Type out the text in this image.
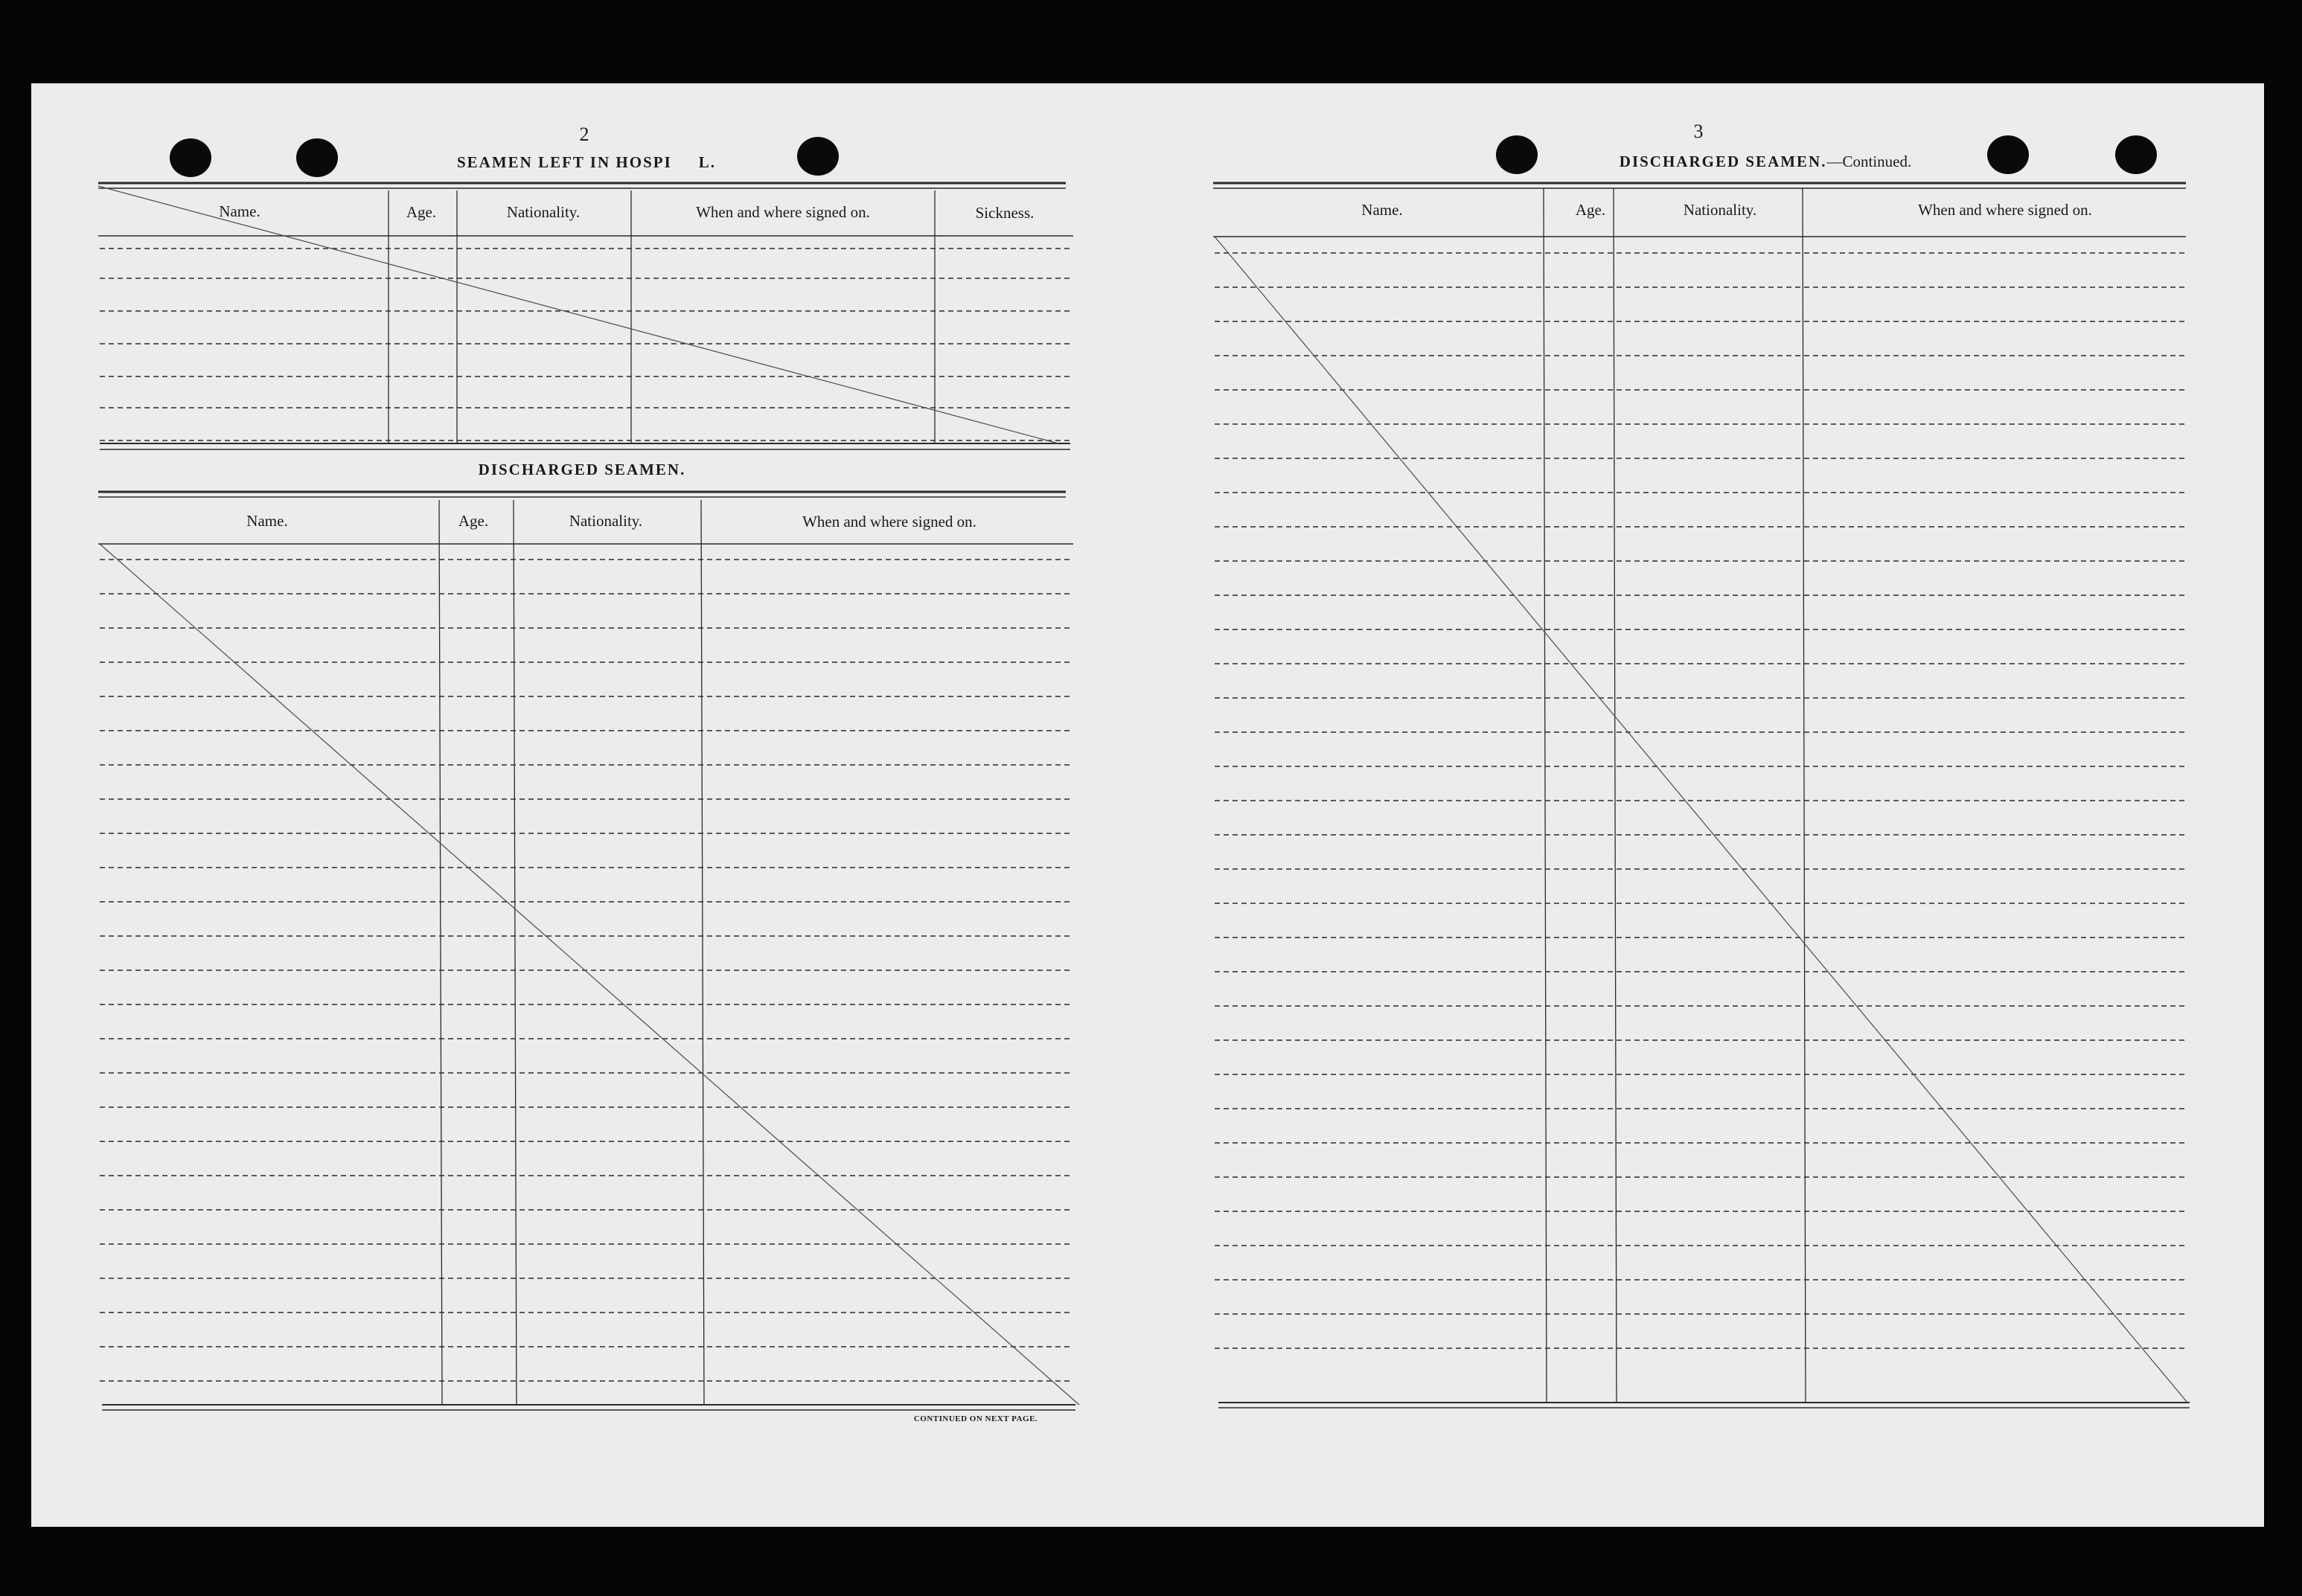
2
SEAMEN LEFT IN HOSPI L.
Name.	Age.	Nationality.	When and where signed on.	Sickness.
DISCHARGED SEAMEN.
Name.	Age.	Nationality.	When and where signed on.
CONTINUED ON NEXT PAGE.
3
DISCHARGED SEAMEN.—Continued.
Name.	Age.	Nationality.	When and where signed on.
